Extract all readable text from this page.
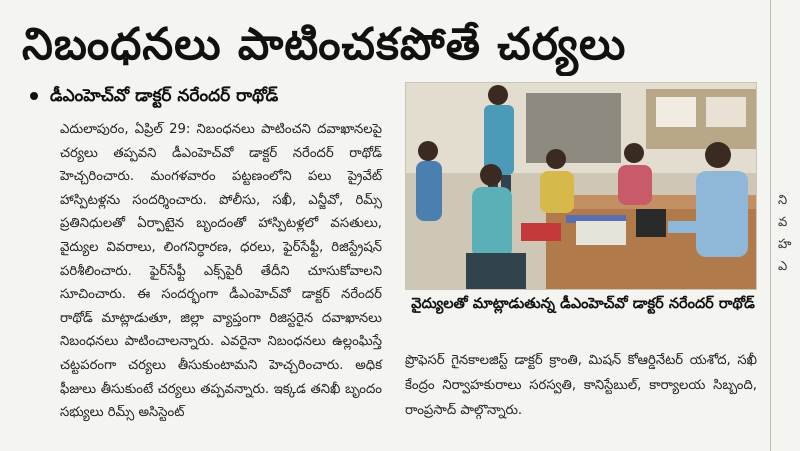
నిబంధనలు పాటించకపోతే చర్యలు
డీఎంహెచ్‌వో డాక్టర్ నరేందర్ రాథోడ్

ఎదులాపురం, ఏప్రిల్ 29: నిబంధనలు పాటించని దవాఖానలపై చర్యలు తప్పవని డీఎంహెచ్‌వో డాక్టర్ నరేందర్ రాథోడ్ హెచ్చరించారు. మంగళవారం పట్టణంలోని పలు ప్రైవేట్ హాస్పిటళ్లను సందర్శించారు. పోలీసు, సఖీ, ఎన్జీవో, రిమ్స్ ప్రతినిధులతో ఏర్పాటైన బృందంతో హాస్పిటళ్లలో వసతులు, వైద్యుల వివరాలు, లింగనిర్ధారణ, ధరలు, ఫైర్‌సేఫ్టీ, రిజిస్ట్రేషన్ పరిశీలించారు. ఫైర్‌సేఫ్టీ ఎక్స్‌పైరీ తేదీని చూసుకోవాలని సూచించారు. ఈ సందర్భంగా డీఎంహెచ్‌వో డాక్టర్ నరేందర్ రాథోడ్ మాట్లాడుతూ, జిల్లా వ్యాప్తంగా రిజిస్టరైన దవాఖానలు నిబంధనలు పాటించాలన్నారు. ఎవరైనా నిబంధనలు ఉల్లంఘిస్తే చట్టపరంగా చర్యలు తీసుకుంటామని హెచ్చరించారు. అధిక ఫీజులు తీసుకుంటే చర్యలు తప్పవన్నారు. ఇక్కడ తనిఖీ బృందం సభ్యులు రిమ్స్ అసిస్టెంట్

వైద్యులతో మాట్లాడుతున్న డీఎంహెచ్‌వో డాక్టర్ నరేందర్ రాథోడ్

ప్రొఫెసర్ గైనకాలజిస్ట్ డాక్టర్ క్రాంతి, మిషన్ కోఆర్డినేటర్ యశోద, సఖీ కేంద్రం నిర్వాహకురాలు సరస్వతి, కానిస్టేబుల్, కార్యాలయ సిబ్బంది, రాంప్రసాద్ పాల్గొన్నారు.

ని
వ
హ
ఎ
